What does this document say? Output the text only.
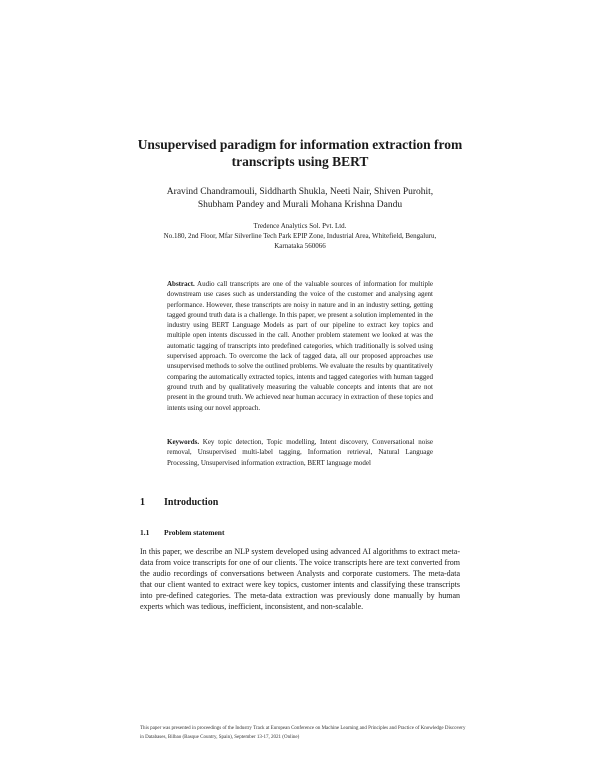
Unsupervised paradigm for information extraction from transcripts using BERT
Aravind Chandramouli, Siddharth Shukla, Neeti Nair, Shiven Purohit, Shubham Pandey and Murali Mohana Krishna Dandu
Tredence Analytics Sol. Pvt. Ltd.
No.180, 2nd Floor, Mfar Silverline Tech Park EPIP Zone, Industrial Area, Whitefield, Bengaluru, Karnataka 560066
Abstract. Audio call transcripts are one of the valuable sources of information for multiple downstream use cases such as understanding the voice of the customer and analysing agent performance. However, these transcripts are noisy in nature and in an industry setting, getting tagged ground truth data is a challenge. In this paper, we present a solution implemented in the industry using BERT Language Models as part of our pipeline to extract key topics and multiple open intents discussed in the call. Another problem statement we looked at was the automatic tagging of transcripts into predefined categories, which traditionally is solved using supervised approach. To overcome the lack of tagged data, all our proposed approaches use unsupervised methods to solve the outlined problems. We evaluate the results by quantitatively comparing the automatically extracted topics, intents and tagged categories with human tagged ground truth and by qualitatively measuring the valuable concepts and intents that are not present in the ground truth. We achieved near human accuracy in extraction of these topics and intents using our novel approach.
Keywords. Key topic detection, Topic modelling, Intent discovery, Conversational noise removal, Unsupervised multi-label tagging, Information retrieval, Natural Language Processing, Unsupervised information extraction, BERT language model
1 Introduction
1.1 Problem statement
In this paper, we describe an NLP system developed using advanced AI algorithms to extract meta-data from voice transcripts for one of our clients. The voice transcripts here are text converted from the audio recordings of conversations between Analysts and corporate customers. The meta-data that our client wanted to extract were key topics, customer intents and classifying these transcripts into pre-defined categories. The meta-data extraction was previously done manually by human experts which was tedious, inefficient, inconsistent, and non-scalable.
This paper was presented in proceedings of the Industry Track at European Conference on Machine Learning and Principles and Practice of Knowledge Discovery in Databases, Bilbao (Basque Country, Spain), September 13-17, 2021 (Online)
